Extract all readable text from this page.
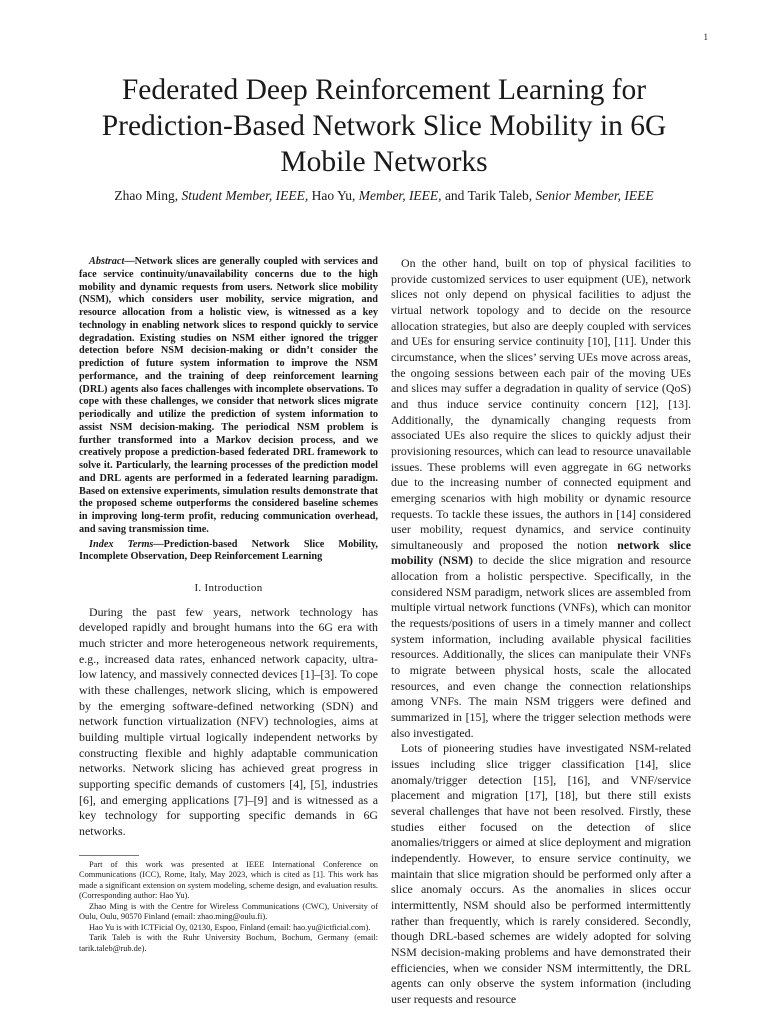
1
Federated Deep Reinforcement Learning for Prediction-Based Network Slice Mobility in 6G Mobile Networks
Zhao Ming, Student Member, IEEE, Hao Yu, Member, IEEE, and Tarik Taleb, Senior Member, IEEE

Abstract—Network slices are generally coupled with services and face service continuity/unavailability concerns due to the high mobility and dynamic requests from users. Network slice mobility (NSM), which considers user mobility, service migration, and resource allocation from a holistic view, is witnessed as a key technology in enabling network slices to respond quickly to service degradation. Existing studies on NSM either ignored the trigger detection before NSM decision-making or didn’t consider the prediction of future system information to improve the NSM performance, and the training of deep reinforcement learning (DRL) agents also faces challenges with incomplete observations. To cope with these challenges, we consider that network slices migrate periodically and utilize the prediction of system information to assist NSM decision-making. The periodical NSM problem is further transformed into a Markov decision process, and we creatively propose a prediction-based federated DRL framework to solve it. Particularly, the learning processes of the prediction model and DRL agents are performed in a federated learning paradigm. Based on extensive experiments, simulation results demonstrate that the proposed scheme outperforms the considered baseline schemes in improving long-term profit, reducing communication overhead, and saving transmission time.

Index Terms—Prediction-based Network Slice Mobility, Incomplete Observation, Deep Reinforcement Learning

I. Introduction

During the past few years, network technology has developed rapidly and brought humans into the 6G era with much stricter and more heterogeneous network requirements, e.g., increased data rates, enhanced network capacity, ultra-low latency, and massively connected devices [1]–[3]. To cope with these challenges, network slicing, which is empowered by the emerging software-defined networking (SDN) and network function virtualization (NFV) technologies, aims at building multiple virtual logically independent networks by constructing flexible and highly adaptable communication networks. Network slicing has achieved great progress in supporting specific demands of customers [4], [5], industries [6], and emerging applications [7]–[9] and is witnessed as a key technology for supporting specific demands in 6G networks.

Part of this work was presented at IEEE International Conference on Communications (ICC), Rome, Italy, May 2023, which is cited as [1]. This work has made a significant extension on system modeling, scheme design, and evaluation results. (Corresponding author: Hao Yu).

Zhao Ming is with the Centre for Wireless Communications (CWC), University of Oulu, Oulu, 90570 Finland (email: zhao.ming@oulu.fi).

Hao Yu is with ICTFicial Oy, 02130, Espoo, Finland (email: hao.yu@ictficial.com).

Tarik Taleb is with the Ruhr University Bochum, Bochum, Germany (email: tarik.taleb@rub.de).

On the other hand, built on top of physical facilities to provide customized services to user equipment (UE), network slices not only depend on physical facilities to adjust the virtual network topology and to decide on the resource allocation strategies, but also are deeply coupled with services and UEs for ensuring service continuity [10], [11]. Under this circumstance, when the slices’ serving UEs move across areas, the ongoing sessions between each pair of the moving UEs and slices may suffer a degradation in quality of service (QoS) and thus induce service continuity concern [12], [13]. Additionally, the dynamically changing requests from associated UEs also require the slices to quickly adjust their provisioning resources, which can lead to resource unavailable issues. These problems will even aggregate in 6G networks due to the increasing number of connected equipment and emerging scenarios with high mobility or dynamic resource requests. To tackle these issues, the authors in [14] considered user mobility, request dynamics, and service continuity simultaneously and proposed the notion network slice mobility (NSM) to decide the slice migration and resource allocation from a holistic perspective. Specifically, in the considered NSM paradigm, network slices are assembled from multiple virtual network functions (VNFs), which can monitor the requests/positions of users in a timely manner and collect system information, including available physical facilities resources. Additionally, the slices can manipulate their VNFs to migrate between physical hosts, scale the allocated resources, and even change the connection relationships among VNFs. The main NSM triggers were defined and summarized in [15], where the trigger selection methods were also investigated.

Lots of pioneering studies have investigated NSM-related issues including slice trigger classification [14], slice anomaly/trigger detection [15], [16], and VNF/service placement and migration [17], [18], but there still exists several challenges that have not been resolved. Firstly, these studies either focused on the detection of slice anomalies/triggers or aimed at slice deployment and migration independently. However, to ensure service continuity, we maintain that slice migration should be performed only after a slice anomaly occurs. As the anomalies in slices occur intermittently, NSM should also be performed intermittently rather than frequently, which is rarely considered. Secondly, though DRL-based schemes are widely adopted for solving NSM decision-making problems and have demonstrated their efficiencies, when we consider NSM intermittently, the DRL agents can only observe the system information (including user requests and resource
